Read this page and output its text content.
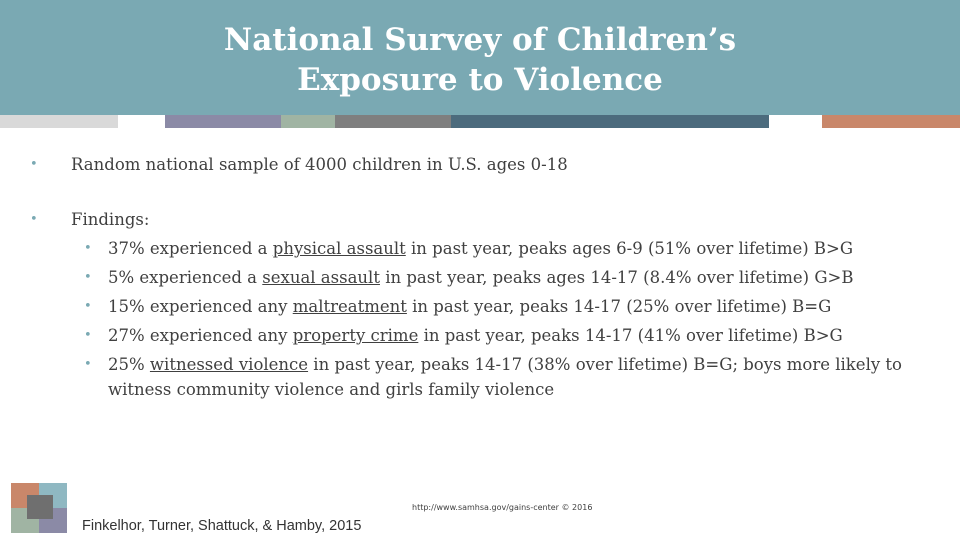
National Survey of Children’s
Exposure to Violence
•	Random national sample of 4000 children in U.S. ages 0-18
•	Findings:
• 37% experienced a physical assault in past year, peaks ages 6-9 (51% over lifetime) B>G
• 5% experienced a sexual assault in past year, peaks ages 14-17 (8.4% over lifetime) G>B
• 15% experienced any maltreatment in past year, peaks 14-17 (25% over lifetime) B=G
• 27% experienced any property crime in past year, peaks 14-17 (41% over lifetime) B>G
• 25% witnessed violence in past year, peaks 14-17 (38% over lifetime) B=G; boys more likely to witness community violence and girls family violence
http://www.samhsa.gov/gains-center © 2016
Finkelhor, Turner, Shattuck, & Hamby, 2015
